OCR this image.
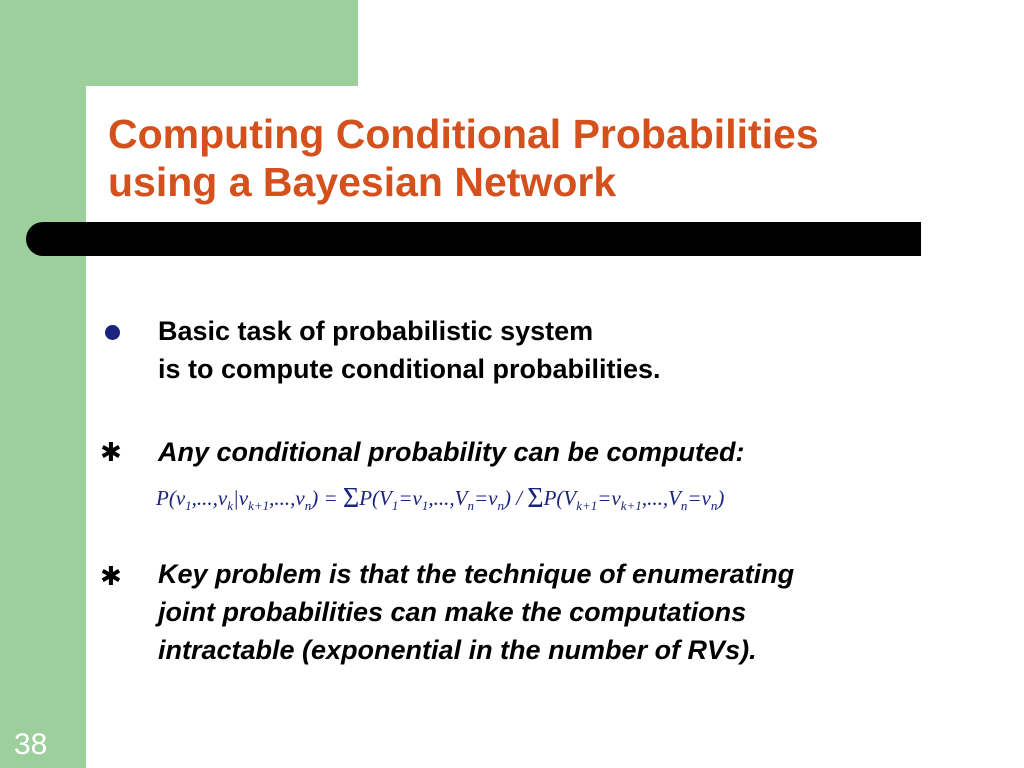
Computing Conditional Probabilities
using a Bayesian Network
Basic task of probabilistic system
is to compute conditional probabilities.
✱ Any conditional probability can be computed:
$P(v_1,...,v_k|v_{k+1},...,v_n) = \Sigma P(V_1=v_1,...,V_n=v_n) / \Sigma P(V_{k+1}=v_{k+1},...,V_n=v_n)$
✱ Key problem is that the technique of enumerating
joint probabilities can make the computations
intractable (exponential in the number of RVs).
38
